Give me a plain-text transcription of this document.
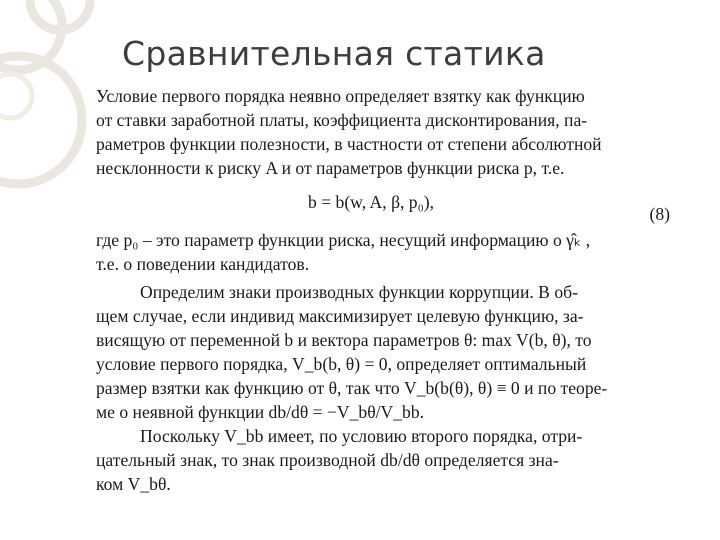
Сравнительная статика
Условие первого порядка неявно определяет взятку как функцию
от ставки заработной платы, коэффициента дисконтирования, па-
раметров функции полезности, в частности от степени абсолютной
несклонности к риску A и от параметров функции риска p, т.е.
b = b(w, A, β, p₀),
(8)
где p₀ – это параметр функции риска, несущий информацию о γ̂ₖ ,
т.е. о поведении кандидатов.
Определим знаки производных функции коррупции. В об-
щем случае, если индивид максимизирует целевую функцию, за-
висящую от переменной b и вектора параметров θ: max V(b, θ), то
условие первого порядка, V_b(b, θ) = 0, определяет оптимальный
размер взятки как функцию от θ, так что V_b(b(θ), θ) ≡ 0 и по теоре-
ме о неявной функции db/dθ = −V_bθ/V_bb.
Поскольку V_bb имеет, по условию второго порядка, отри-
цательный знак, то знак производной db/dθ определяется зна-
ком V_bθ.
